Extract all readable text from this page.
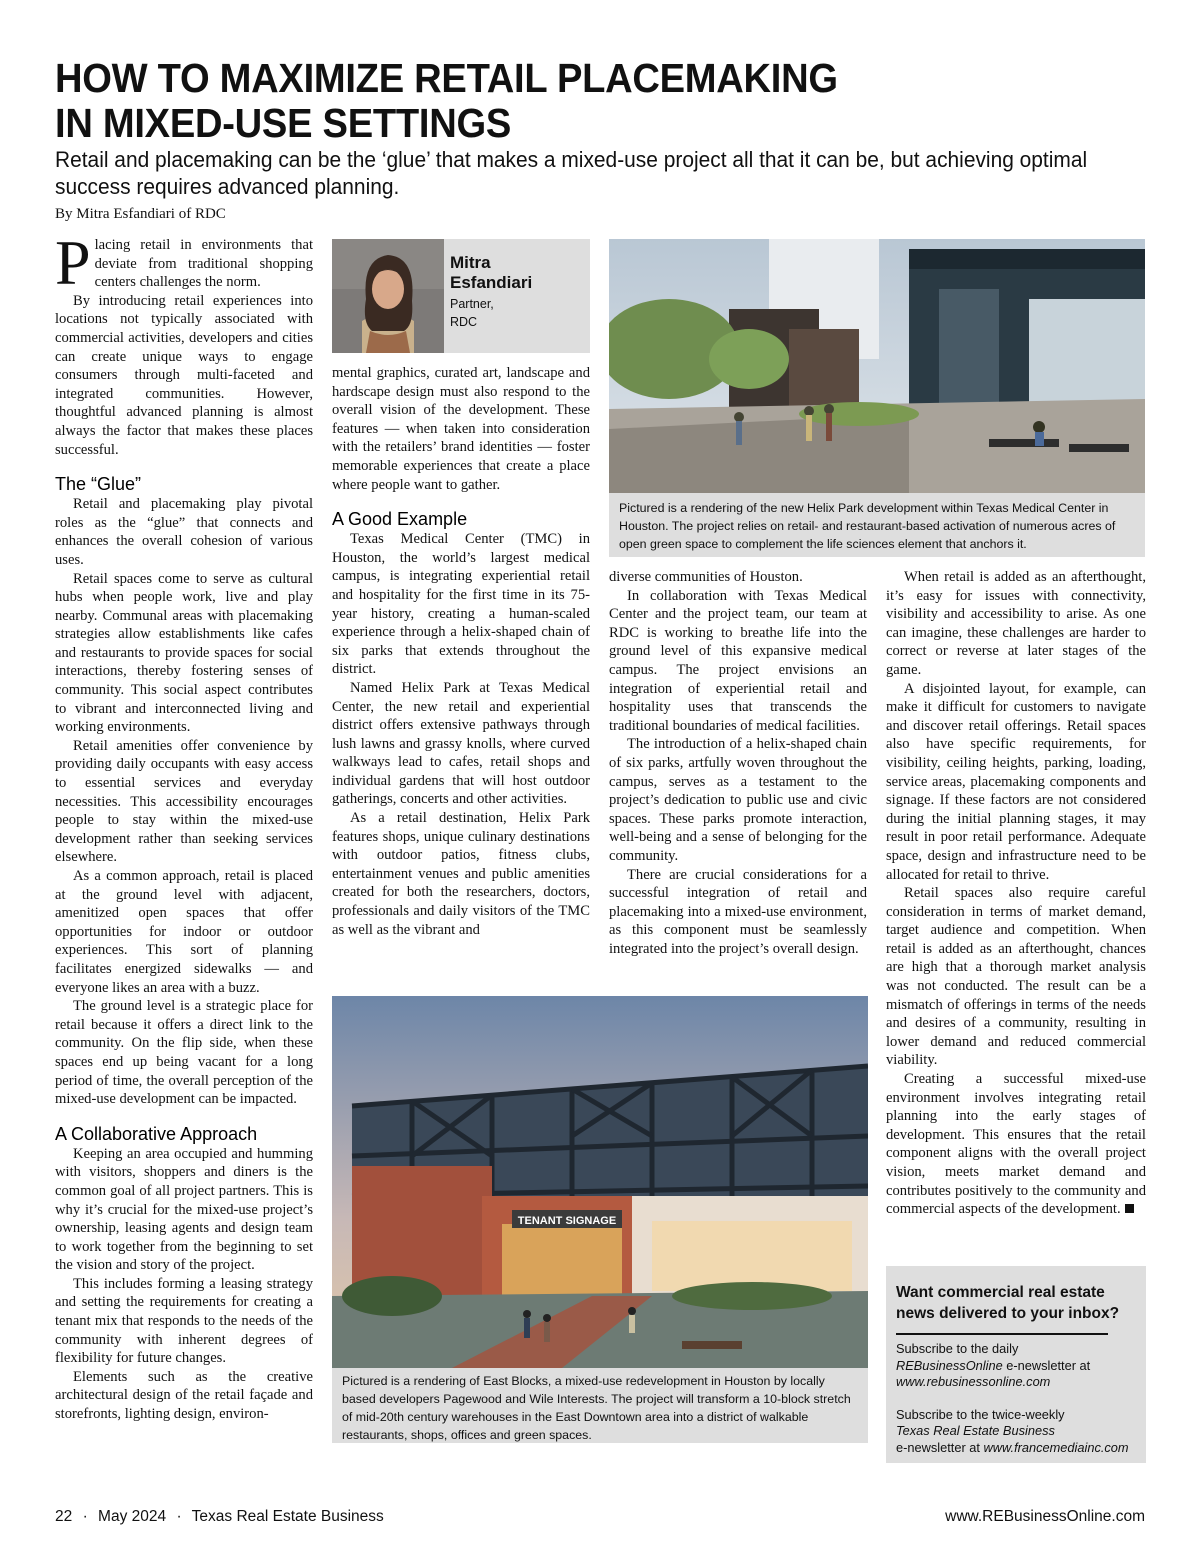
HOW TO MAXIMIZE RETAIL PLACEMAKING
IN MIXED-USE SETTINGS

Retail and placemaking can be the ‘glue’ that makes a mixed-use project all that it can be, but achieving optimal success requires advanced planning.

By Mitra Esfandiari of RDC

Placing retail in environments that deviate from traditional shopping centers challenges the norm.

By introducing retail experiences into locations not typically associated with commercial activities, developers and cities can create unique ways to engage consumers through multi-faceted and integrated communities. However, thoughtful advanced planning is almost always the factor that makes these places successful.

The “Glue”

Retail and placemaking play pivotal roles as the “glue” that connects and enhances the overall cohesion of various uses.

Retail spaces come to serve as cultural hubs when people work, live and play nearby. Communal areas with placemaking strategies allow establishments like cafes and restaurants to provide spaces for social interactions, thereby fostering senses of community. This social aspect contributes to vibrant and interconnected living and working environments.

Retail amenities offer convenience by providing daily occupants with easy access to essential services and everyday necessities. This accessibility encourages people to stay within the mixed-use development rather than seeking services elsewhere.

As a common approach, retail is placed at the ground level with adjacent, amenitized open spaces that offer opportunities for indoor or outdoor experiences. This sort of planning facilitates energized sidewalks — and everyone likes an area with a buzz.

The ground level is a strategic place for retail because it offers a direct link to the community. On the flip side, when these spaces end up being vacant for a long period of time, the overall perception of the mixed-use development can be impacted.

A Collaborative Approach

Keeping an area occupied and humming with visitors, shoppers and diners is the common goal of all project partners. This is why it’s crucial for the mixed-use project’s ownership, leasing agents and design team to work together from the beginning to set the vision and story of the project.

This includes forming a leasing strategy and setting the requirements for creating a tenant mix that responds to the needs of the community with inherent degrees of flexibility for future changes.

Elements such as the creative architectural design of the retail façade and storefronts, lighting design, environ-

Mitra
Esfandiari
Partner,
RDC

mental graphics, curated art, landscape and hardscape design must also respond to the overall vision of the development. These features — when taken into consideration with the retailers’ brand identities — foster memorable experiences that create a place where people want to gather.

A Good Example

Texas Medical Center (TMC) in Houston, the world’s largest medical campus, is integrating experiential retail and hospitality for the first time in its 75-year history, creating a human-scaled experience through a helix-shaped chain of six parks that extends throughout the district.

Named Helix Park at Texas Medical Center, the new retail and experiential district offers extensive pathways through lush lawns and grassy knolls, where curved walkways lead to cafes, retail shops and individual gardens that will host outdoor gatherings, concerts and other activities.

As a retail destination, Helix Park features shops, unique culinary destinations with outdoor patios, fitness clubs, entertainment venues and public amenities created for both the researchers, doctors, professionals and daily visitors of the TMC as well as the vibrant and

Pictured is a rendering of the new Helix Park development within Texas Medical Center in Houston. The project relies on retail- and restaurant-based activation of numerous acres of open green space to complement the life sciences element that anchors it.

diverse communities of Houston.

In collaboration with Texas Medical Center and the project team, our team at RDC is working to breathe life into the ground level of this expansive medical campus. The project envisions an integration of experiential retail and hospitality uses that transcends the traditional boundaries of medical facilities.

The introduction of a helix-shaped chain of six parks, artfully woven throughout the campus, serves as a testament to the project’s dedication to public use and civic spaces. These parks promote interaction, well-being and a sense of belonging for the community.

There are crucial considerations for a successful integration of retail and placemaking into a mixed-use environment, as this component must be seamlessly integrated into the project’s overall design.

When retail is added as an afterthought, it’s easy for issues with connectivity, visibility and accessibility to arise. As one can imagine, these challenges are harder to correct or reverse at later stages of the game.

A disjointed layout, for example, can make it difficult for customers to navigate and discover retail offerings. Retail spaces also have specific requirements, for visibility, ceiling heights, parking, loading, service areas, placemaking components and signage. If these factors are not considered during the initial planning stages, it may result in poor retail performance. Adequate space, design and infrastructure need to be allocated for retail to thrive.

Retail spaces also require careful consideration in terms of market demand, target audience and competition. When retail is added as an afterthought, chances are high that a thorough market analysis was not conducted. The result can be a mismatch of offerings in terms of the needs and desires of a community, resulting in lower demand and reduced commercial viability.

Creating a successful mixed-use environment involves integrating retail planning into the early stages of development. This ensures that the retail component aligns with the overall project vision, meets market demand and contributes positively to the community and commercial aspects of the development.

TENANT SIGNAGE
Pictured is a rendering of East Blocks, a mixed-use redevelopment in Houston by locally based developers Pagewood and Wile Interests. The project will transform a 10-block stretch of mid-20th century warehouses in the East Downtown area into a district of walkable restaurants, shops, offices and green spaces.
Want commercial real estate news delivered to your inbox?
Subscribe to the daily
REBusinessOnline e-newsletter at
www.rebusinessonline.com
Subscribe to the twice-weekly
Texas Real Estate Business
e-newsletter at www.francemediainc.com
22 · May 2024 · Texas Real Estate Business	www.REBusinessOnline.com
